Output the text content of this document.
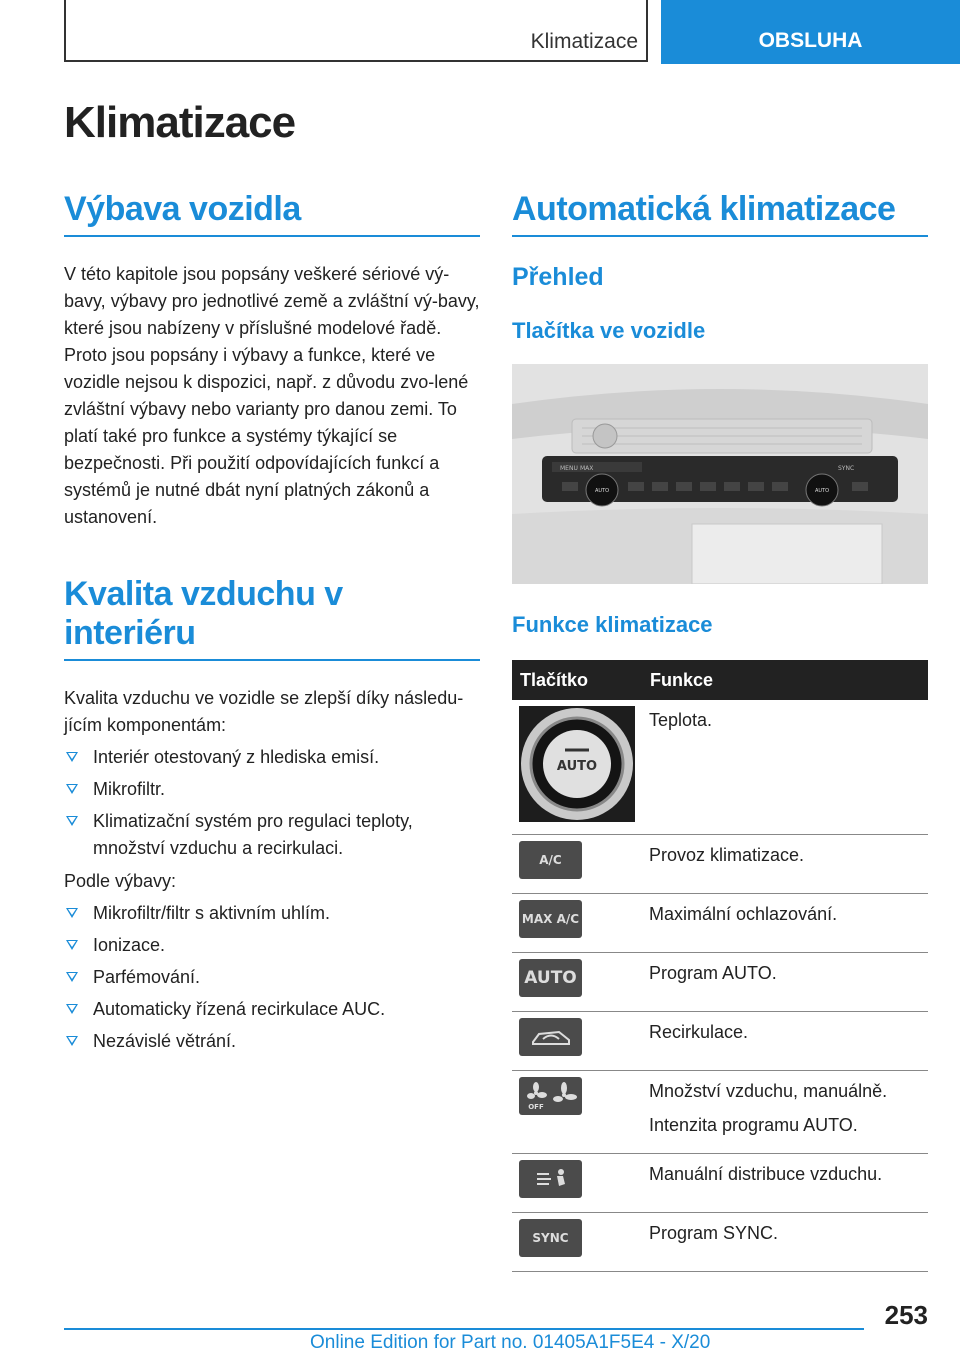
Klimatizace	OBSLUHA
Klimatizace
Výbava vozidla

V této kapitole jsou popsány veškeré sériové vý-bavy, výbavy pro jednotlivé země a zvláštní vý-bavy, které jsou nabízeny v příslušné modelové řadě. Proto jsou popsány i výbavy a funkce, které ve vozidle nejsou k dispozici, např. z důvodu zvo-lené zvláštní výbavy nebo varianty pro danou zemi. To platí také pro funkce a systémy týkající se bezpečnosti. Při použití odpovídajících funkcí a systémů je nutné dbát nyní platných zákonů a ustanovení.

Kvalita vzduchu v interiéru

Kvalita vzduchu ve vozidle se zlepší díky následu-jícím komponentám:

Interiér otestovaný z hlediska emisí.
Mikrofiltr.
Klimatizační systém pro regulaci teploty, množství vzduchu a recirkulaci.

Podle výbavy:

Mikrofiltr/filtr s aktivním uhlím.
Ionizace.
Parfémování.
Automaticky řízená recirkulace AUC.
Nezávislé větrání.
Automatická klimatizace
Přehled
Tlačítka ve vozidle
MENU MAX	SYNC
AUTO	AUTO
Funkce klimatizace
Tlačítko	Funkce

AUTO	Teplota.

A/C	Provoz klimatizace.

MAX A/C	Maximální ochlazování.

AUTO	Program AUTO.

Recirkulace.

OFF	Množství vzduchu, manuálně.

Intenzita programu AUTO.

Manuální distribuce vzduchu.

SYNC	Program SYNC.

253
Online Edition for Part no. 01405A1F5E4 - X/20
